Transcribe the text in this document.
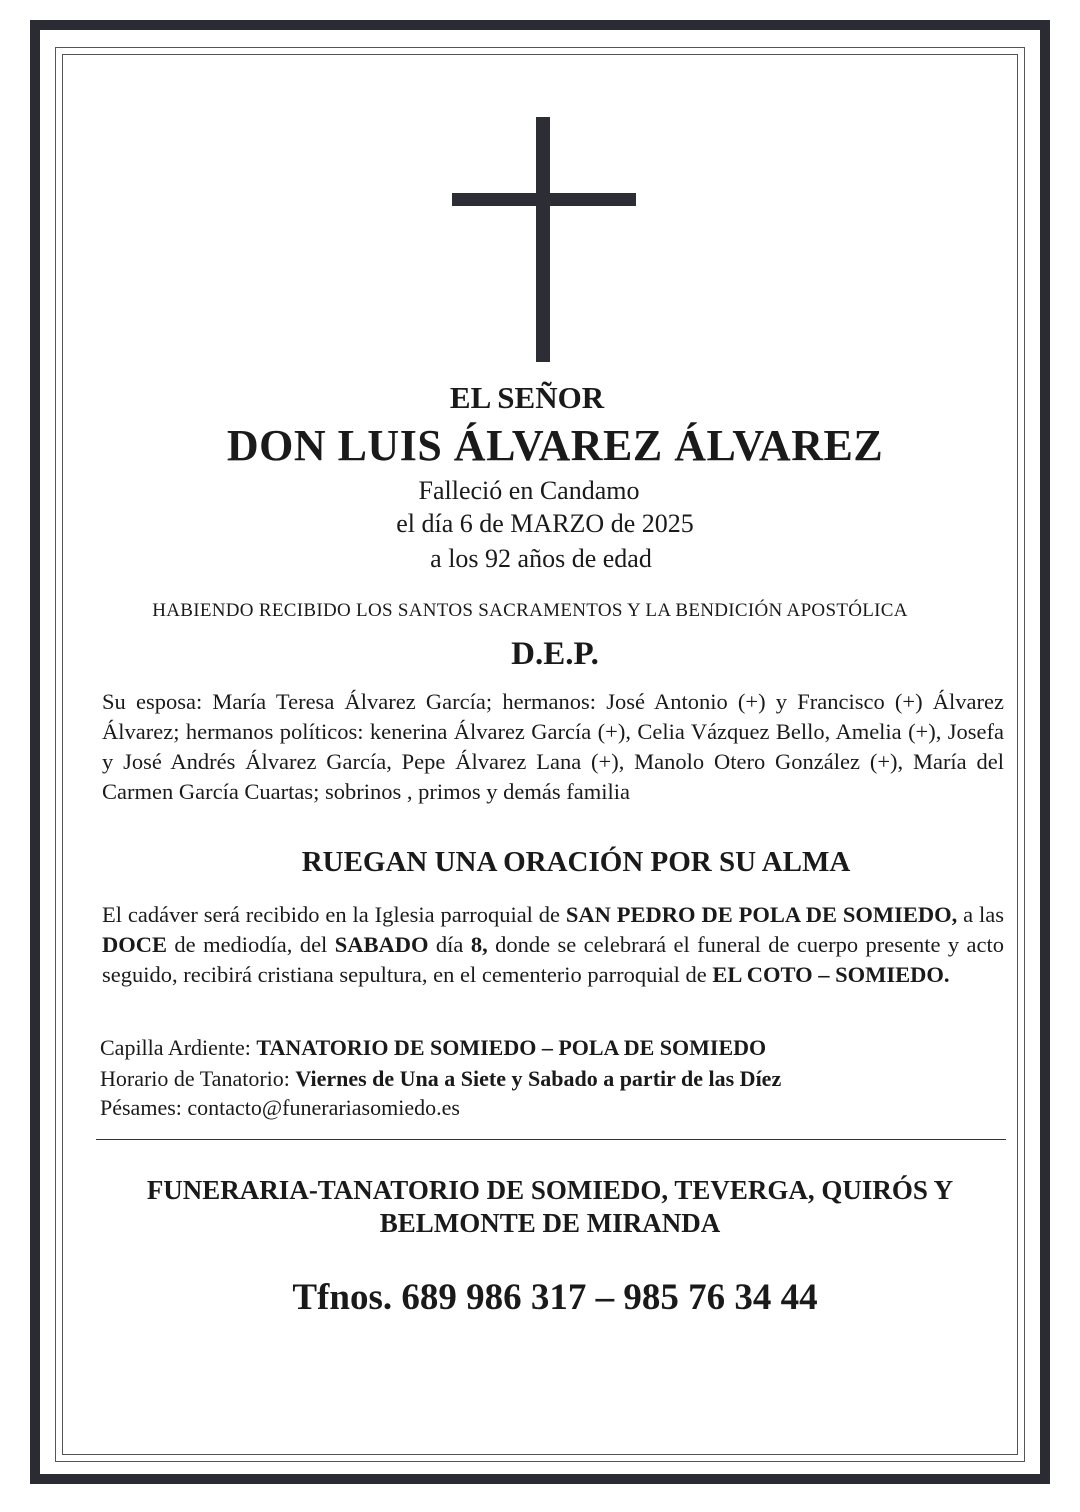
EL SEÑOR
DON LUIS ÁLVAREZ ÁLVAREZ
Falleció en Candamo
el día 6 de MARZO de 2025
a los 92 años de edad
HABIENDO RECIBIDO LOS SANTOS SACRAMENTOS Y LA BENDICIÓN APOSTÓLICA
D.E.P.
Su esposa: María Teresa Álvarez García; hermanos: José Antonio (+) y Francisco (+) Álvarez Álvarez; hermanos políticos: kenerina Álvarez García (+), Celia Vázquez Bello, Amelia (+), Josefa y José Andrés Álvarez García, Pepe Álvarez Lana (+), Manolo Otero González (+), María del Carmen García Cuartas; sobrinos , primos y demás familia
RUEGAN UNA ORACIÓN POR SU ALMA
El cadáver será recibido en la Iglesia parroquial de SAN PEDRO DE POLA DE SOMIEDO, a las DOCE de mediodía, del SABADO día 8, donde se celebrará el funeral de cuerpo presente y acto seguido, recibirá cristiana sepultura, en el cementerio parroquial de EL COTO – SOMIEDO.
Capilla Ardiente: TANATORIO DE SOMIEDO – POLA DE SOMIEDO
Horario de Tanatorio: Viernes de Una a Siete y Sabado a partir de las Díez
Pésames: contacto@funerariasomiedo.es
FUNERARIA-TANATORIO DE SOMIEDO, TEVERGA, QUIRÓS Y BELMONTE DE MIRANDA
Tfnos. 689 986 317 – 985 76 34 44
